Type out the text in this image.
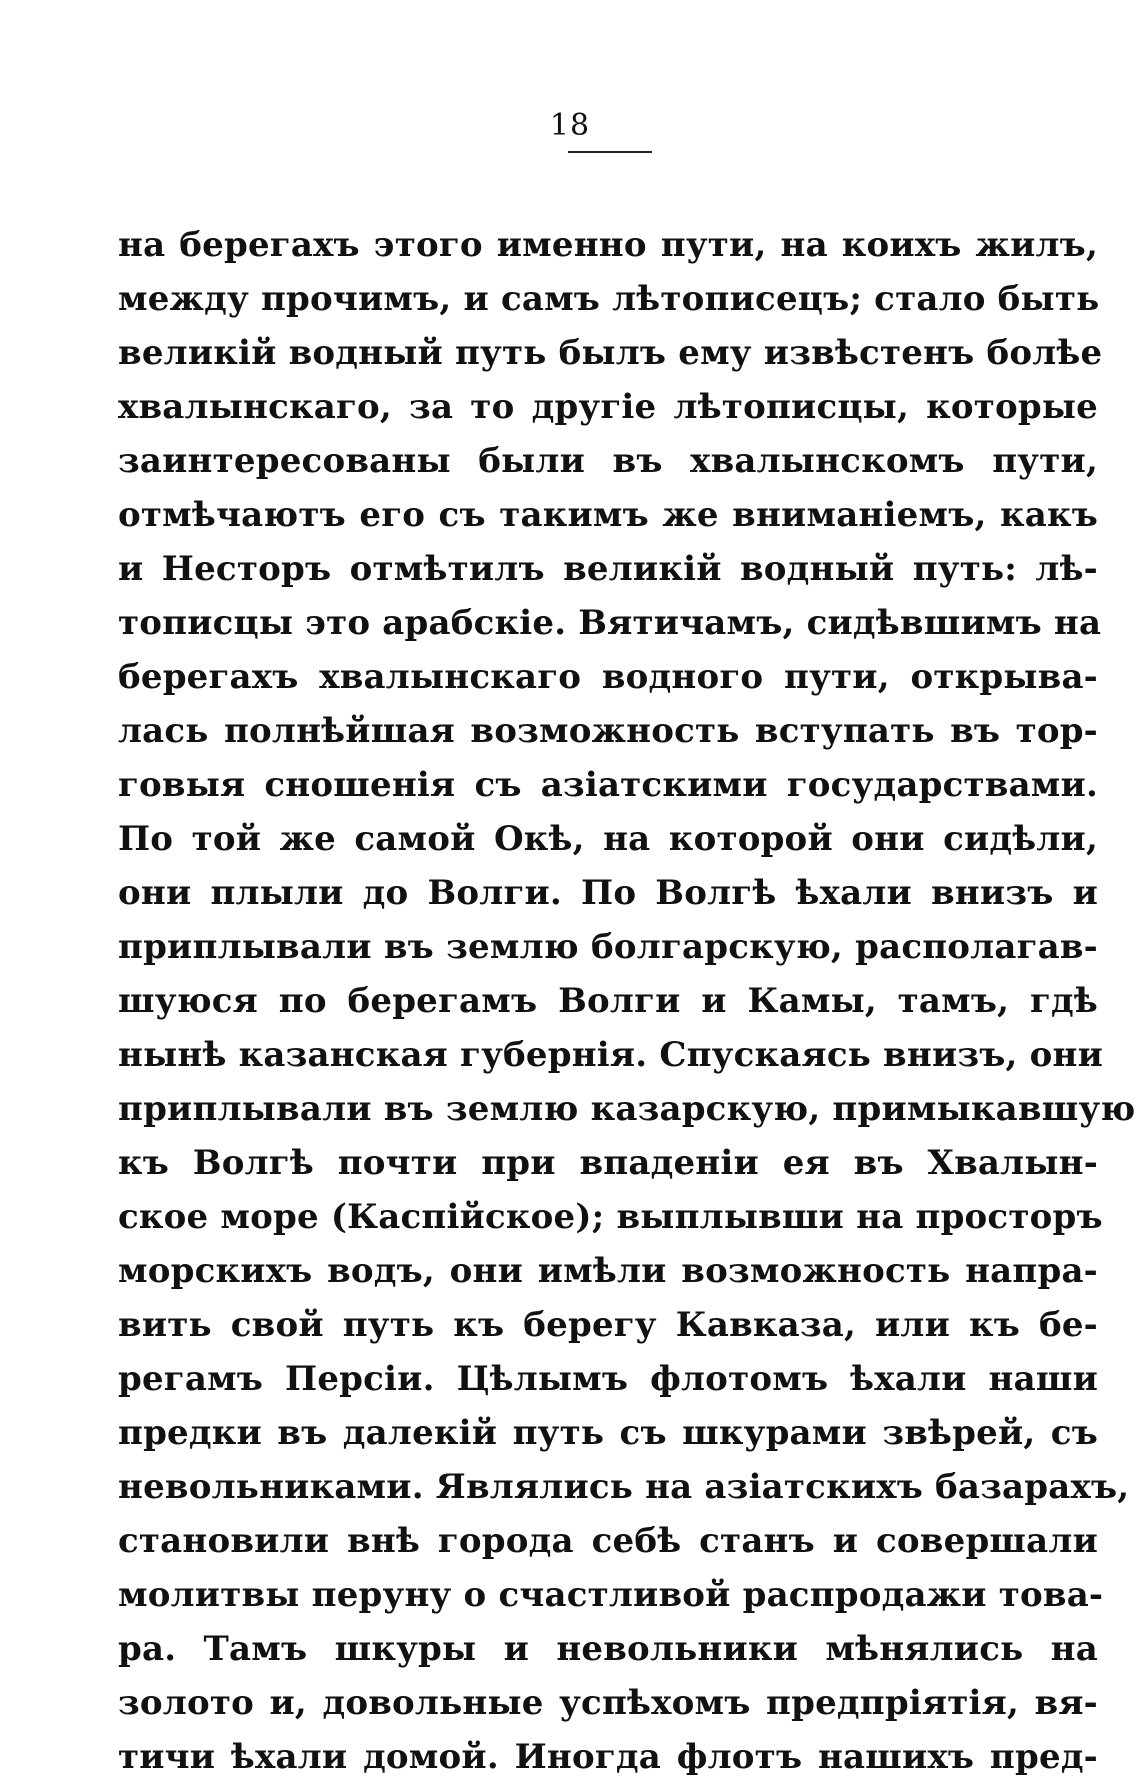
18
на берегахъ этого именно пути, на коихъ жилъ,
между прочимъ, и самъ лѣтописецъ; стало быть
великій водный путь былъ ему извѣстенъ болѣе
хвалынскаго, за то другіе лѣтописцы, которые
заинтересованы были въ хвалынскомъ пути,
отмѣчаютъ его съ такимъ же вниманіемъ, какъ
и Несторъ отмѣтилъ великій водный путь: лѣ-
тописцы это арабскіе. Вятичамъ, сидѣвшимъ на
берегахъ хвалынскаго водного пути, открыва-
лась полнѣйшая возможность вступать въ тор-
говыя сношенія съ азіатскими государствами.
По той же самой Окѣ, на которой они сидѣли,
они плыли до Волги. По Волгѣ ѣхали внизъ и
приплывали въ землю болгарскую, располагав-
шуюся по берегамъ Волги и Камы, тамъ, гдѣ
нынѣ казанская губернія. Спускаясь внизъ, они
приплывали въ землю казарскую, примыкавшую
къ Волгѣ почти при впаденіи ея въ Хвалын-
ское море (Каспійское); выплывши на просторъ
морскихъ водъ, они имѣли возможность напра-
вить свой путь къ берегу Кавказа, или къ бе-
регамъ Персіи. Цѣлымъ флотомъ ѣхали наши
предки въ далекій путь съ шкурами звѣрей, съ
невольниками. Являлись на азіатскихъ базарахъ,
становили внѣ города себѣ станъ и совершали
молитвы перуну о счастливой распродажи това-
ра. Тамъ шкуры и невольники мѣнялись на
золото и, довольные успѣхомъ предпріятія, вя-
тичи ѣхали домой. Иногда флотъ нашихъ пред-
